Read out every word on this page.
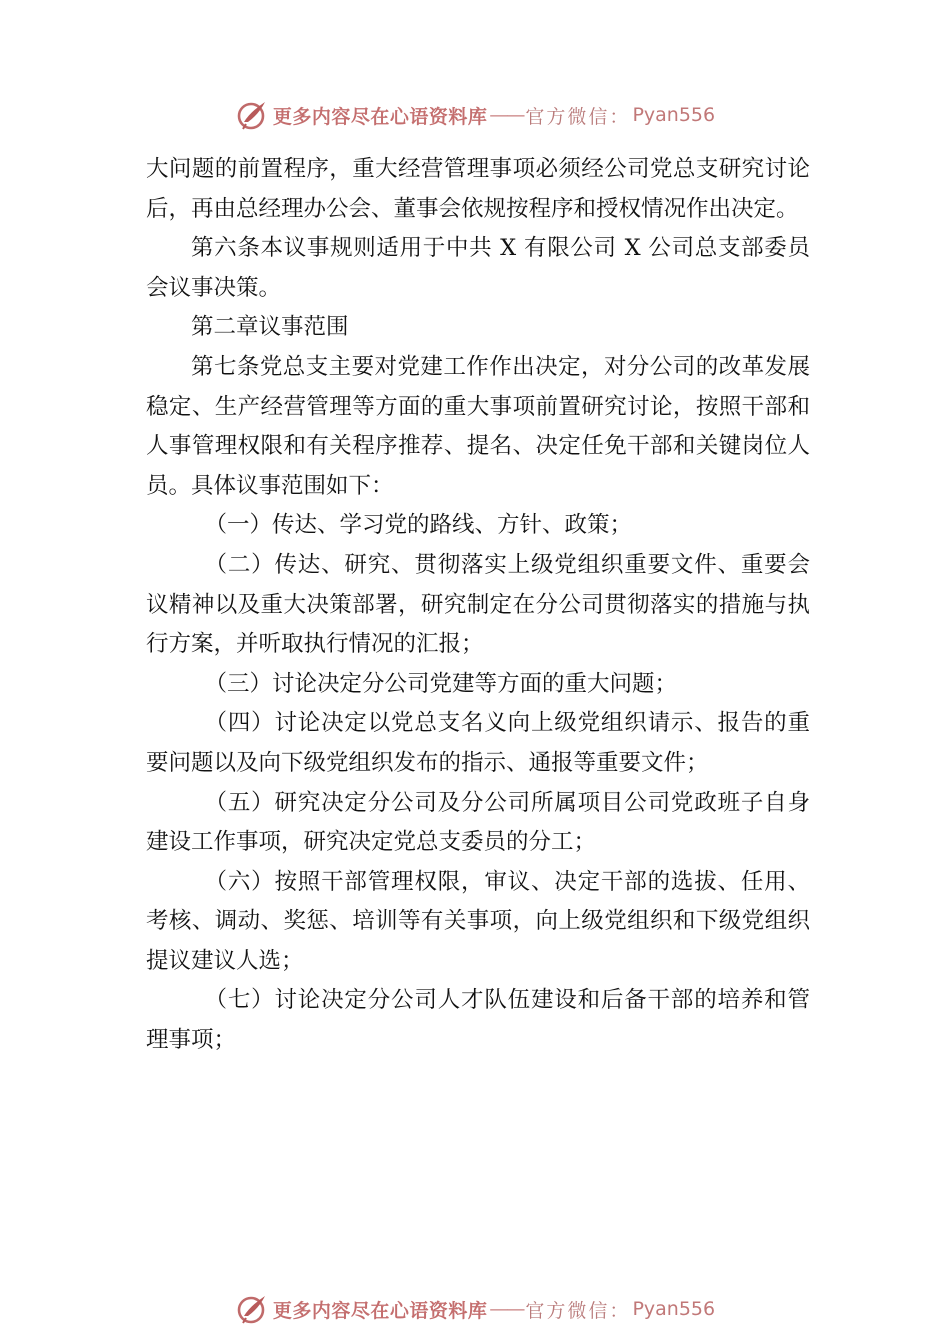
更多内容尽在心语资料库 —— 官方微信： Pyan556

大问题的前置程序，重大经营管理事项必须经公司党总支研究讨论后，再由总经理办公会、董事会依规按程序和授权情况作出决定。

第六条本议事规则适用于中共 X 有限公司 X 公司总支部委员会议事决策。

第二章议事范围

第七条党总支主要对党建工作作出决定，对分公司的改革发展稳定、生产经营管理等方面的重大事项前置研究讨论，按照干部和人事管理权限和有关程序推荐、提名、决定任免干部和关键岗位人员。具体议事范围如下：

（一）传达、学习党的路线、方针、政策；

（二）传达、研究、贯彻落实上级党组织重要文件、重要会议精神以及重大决策部署，研究制定在分公司贯彻落实的措施与执行方案，并听取执行情况的汇报；

（三）讨论决定分公司党建等方面的重大问题；

（四）讨论决定以党总支名义向上级党组织请示、报告的重要问题以及向下级党组织发布的指示、通报等重要文件；

（五）研究决定分公司及分公司所属项目公司党政班子自身建设工作事项，研究决定党总支委员的分工；

（六）按照干部管理权限，审议、决定干部的选拔、任用、考核、调动、奖惩、培训等有关事项，向上级党组织和下级党组织提议建议人选；

（七）讨论决定分公司人才队伍建设和后备干部的培养和管理事项；

更多内容尽在心语资料库 —— 官方微信： Pyan556
